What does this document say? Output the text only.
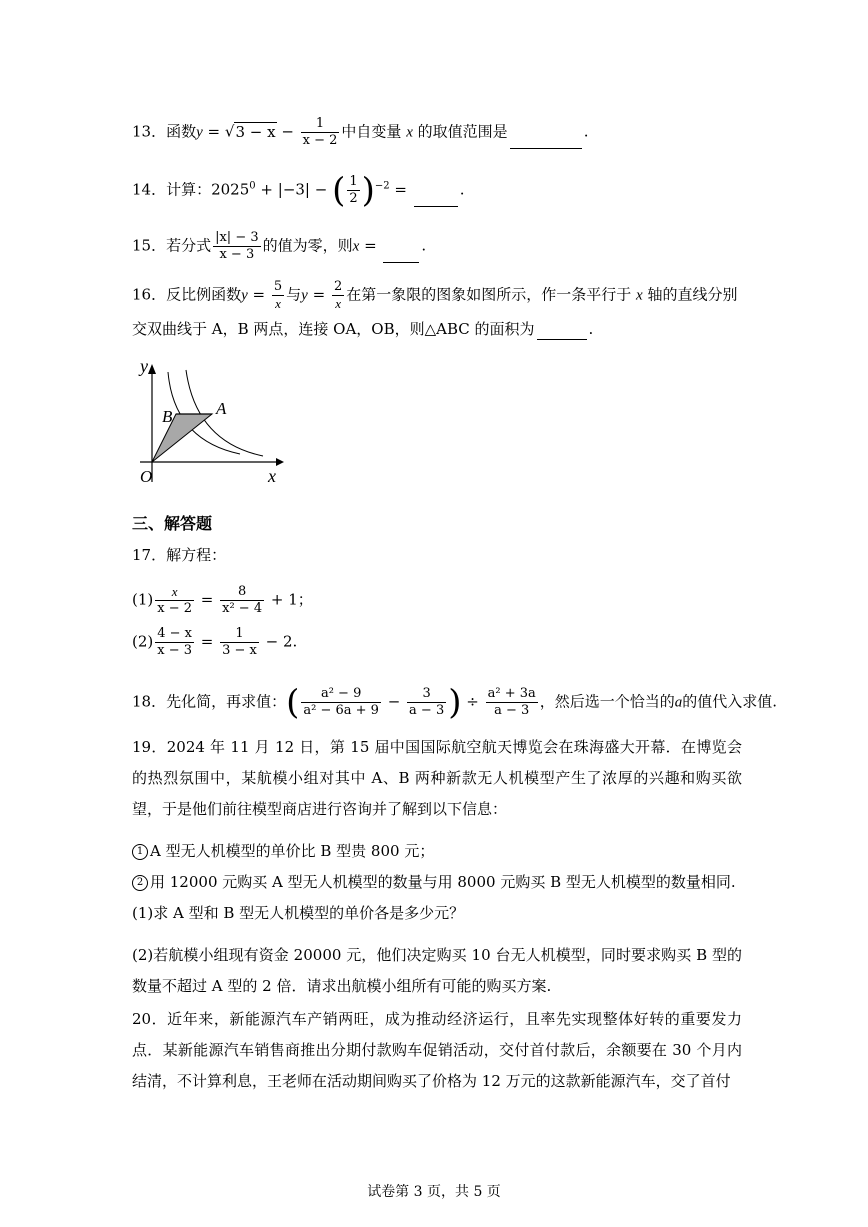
13．函数$y = √3 - x - \frac{1}{x - 2}$ 中自变量 x 的取值范围是	.
14．计算：$2025^0 + |-3|$ − ( $\frac{1}{2} )^{-2}$ =	.
15．若分式 $\frac{|x| - 3}{x - 3}$ 的值为零，则x =	.
16．反比例函数$y = \frac{5}{x}$ 与$y = \frac{2}{x}$ 在第一象限的图象如图所示，作一条平行于 x 轴的直线分别
交双曲线于 A，B 两点，连接 OA，OB，则△ABC 的面积为	.
y
x
O
A
B
三、解答题
17．解方程：
$(1) \frac{x}{x - 2} = \frac{8}{\text{x² − 4}} + 1$；
$(2) \frac{4 - x}{x - 3} = \frac{1}{3 - x} - 2$.
18．先化简，再求值：( $\frac{\text{a² − 9}}{\text{a² − 6a + 9}} - \frac{3}{a - 3}$ ) ÷ $\frac{\text{a² + 3a}}{a - 3}$ ，然后选一个恰当的a的值代入求值.
19．2024 年 11 月 12 日，第 15 届中国国际航空航天博览会在珠海盛大开幕．在博览会的热烈氛围中，某航模小组对其中 A、B 两种新款无人机模型产生了浓厚的兴趣和购买欲望，于是他们前往模型商店进行咨询并了解到以下信息：
1 A 型无人机模型的单价比 B 型贵 800 元；
2 用 12000 元购买 A 型无人机模型的数量与用 8000 元购买 B 型无人机模型的数量相同.
(1)求 A 型和 B 型无人机模型的单价各是多少元？
(2)若航模小组现有资金 20000 元，他们决定购买 10 台无人机模型，同时要求购买 B 型的数量不超过 A 型的 2 倍．请求出航模小组所有可能的购买方案.
20．近年来，新能源汽车产销两旺，成为推动经济运行，且率先实现整体好转的重要发力点．某新能源汽车销售商推出分期付款购车促销活动，交付首付款后，余额要在 30 个月内结清，不计算利息，王老师在活动期间购买了价格为 12 万元的这款新能源汽车，交了首付
试卷第 3 页，共 5 页
